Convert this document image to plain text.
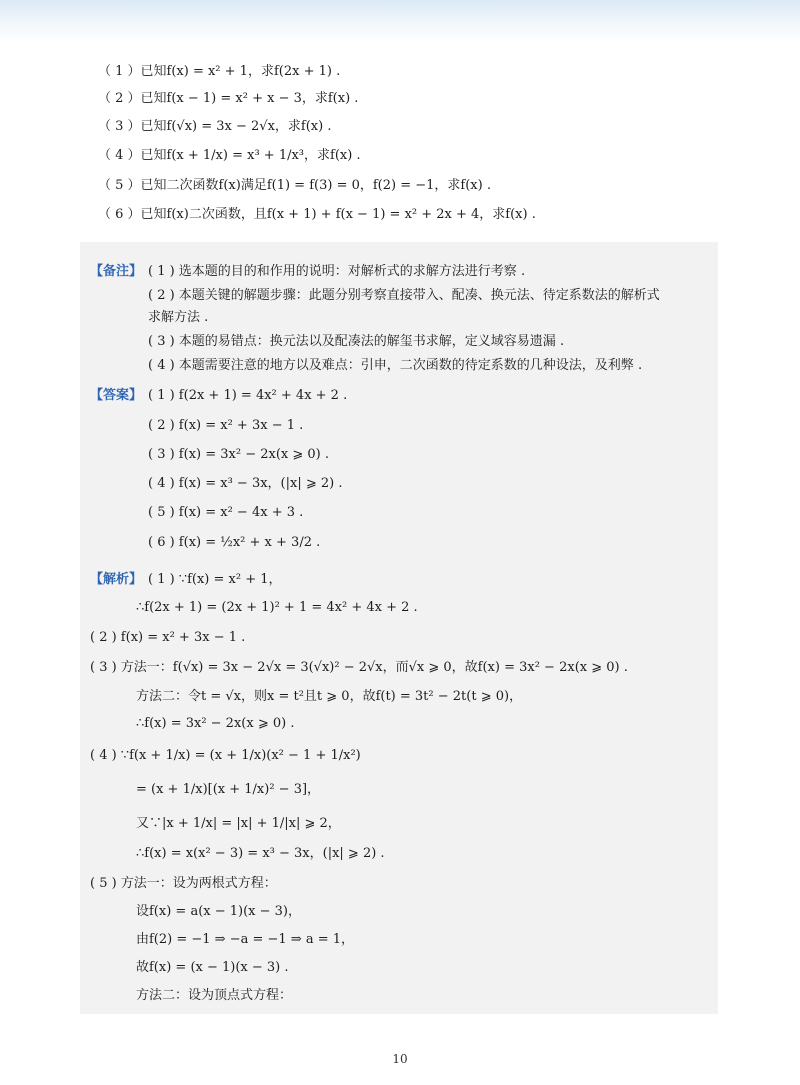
（ 1 ）已知f(x) = x² + 1，求f(2x + 1) .
（ 2 ）已知f(x − 1) = x² + x − 3，求f(x) .
（ 3 ）已知f(√x) = 3x − 2√x，求f(x) .
（ 4 ）已知f(x + 1/x) = x³ + 1/x³，求f(x) .
（ 5 ）已知二次函数f(x)满足f(1) = f(3) = 0，f(2) = −1，求f(x) .
（ 6 ）已知f(x)二次函数，且f(x + 1) + f(x − 1) = x² + 2x + 4，求f(x) .
【备注】 ( 1 ) 选本题的目的和作用的说明：对解析式的求解方法进行考察 .
( 2 ) 本题关键的解题步骤：此题分别考察直接带入、配凑、换元法、待定系数法的解析式
求解方法 .
( 3 ) 本题的易错点：换元法以及配凑法的解玺书求解，定义域容易遗漏 .
( 4 ) 本题需要注意的地方以及难点：引申，二次函数的待定系数的几种设法，及利弊 .
【答案】 ( 1 ) f(2x + 1) = 4x² + 4x + 2 .
( 2 ) f(x) = x² + 3x − 1 .
( 3 ) f(x) = 3x² − 2x(x ⩾ 0) .
( 4 ) f(x) = x³ − 3x，(|x| ⩾ 2) .
( 5 ) f(x) = x² − 4x + 3 .
( 6 ) f(x) = ½x² + x + 3/2 .
【解析】 ( 1 ) ∵f(x) = x² + 1，
∴f(2x + 1) = (2x + 1)² + 1 = 4x² + 4x + 2 .
( 2 ) f(x) = x² + 3x − 1 .
( 3 ) 方法一：f(√x) = 3x − 2√x = 3(√x)² − 2√x，而√x ⩾ 0，故f(x) = 3x² − 2x(x ⩾ 0) .
方法二：令t = √x，则x = t²且t ⩾ 0，故f(t) = 3t² − 2t(t ⩾ 0)，
∴f(x) = 3x² − 2x(x ⩾ 0) .
( 4 ) ∵f(x + 1/x) = (x + 1/x)(x² − 1 + 1/x²)
= (x + 1/x)[(x + 1/x)² − 3]，
又∵|x + 1/x| = |x| + 1/|x| ⩾ 2，
∴f(x) = x(x² − 3) = x³ − 3x，(|x| ⩾ 2) .
( 5 ) 方法一：设为两根式方程：
设f(x) = a(x − 1)(x − 3)，
由f(2) = −1 ⇒ −a = −1 ⇒ a = 1，
故f(x) = (x − 1)(x − 3) .
方法二：设为顶点式方程：
10
